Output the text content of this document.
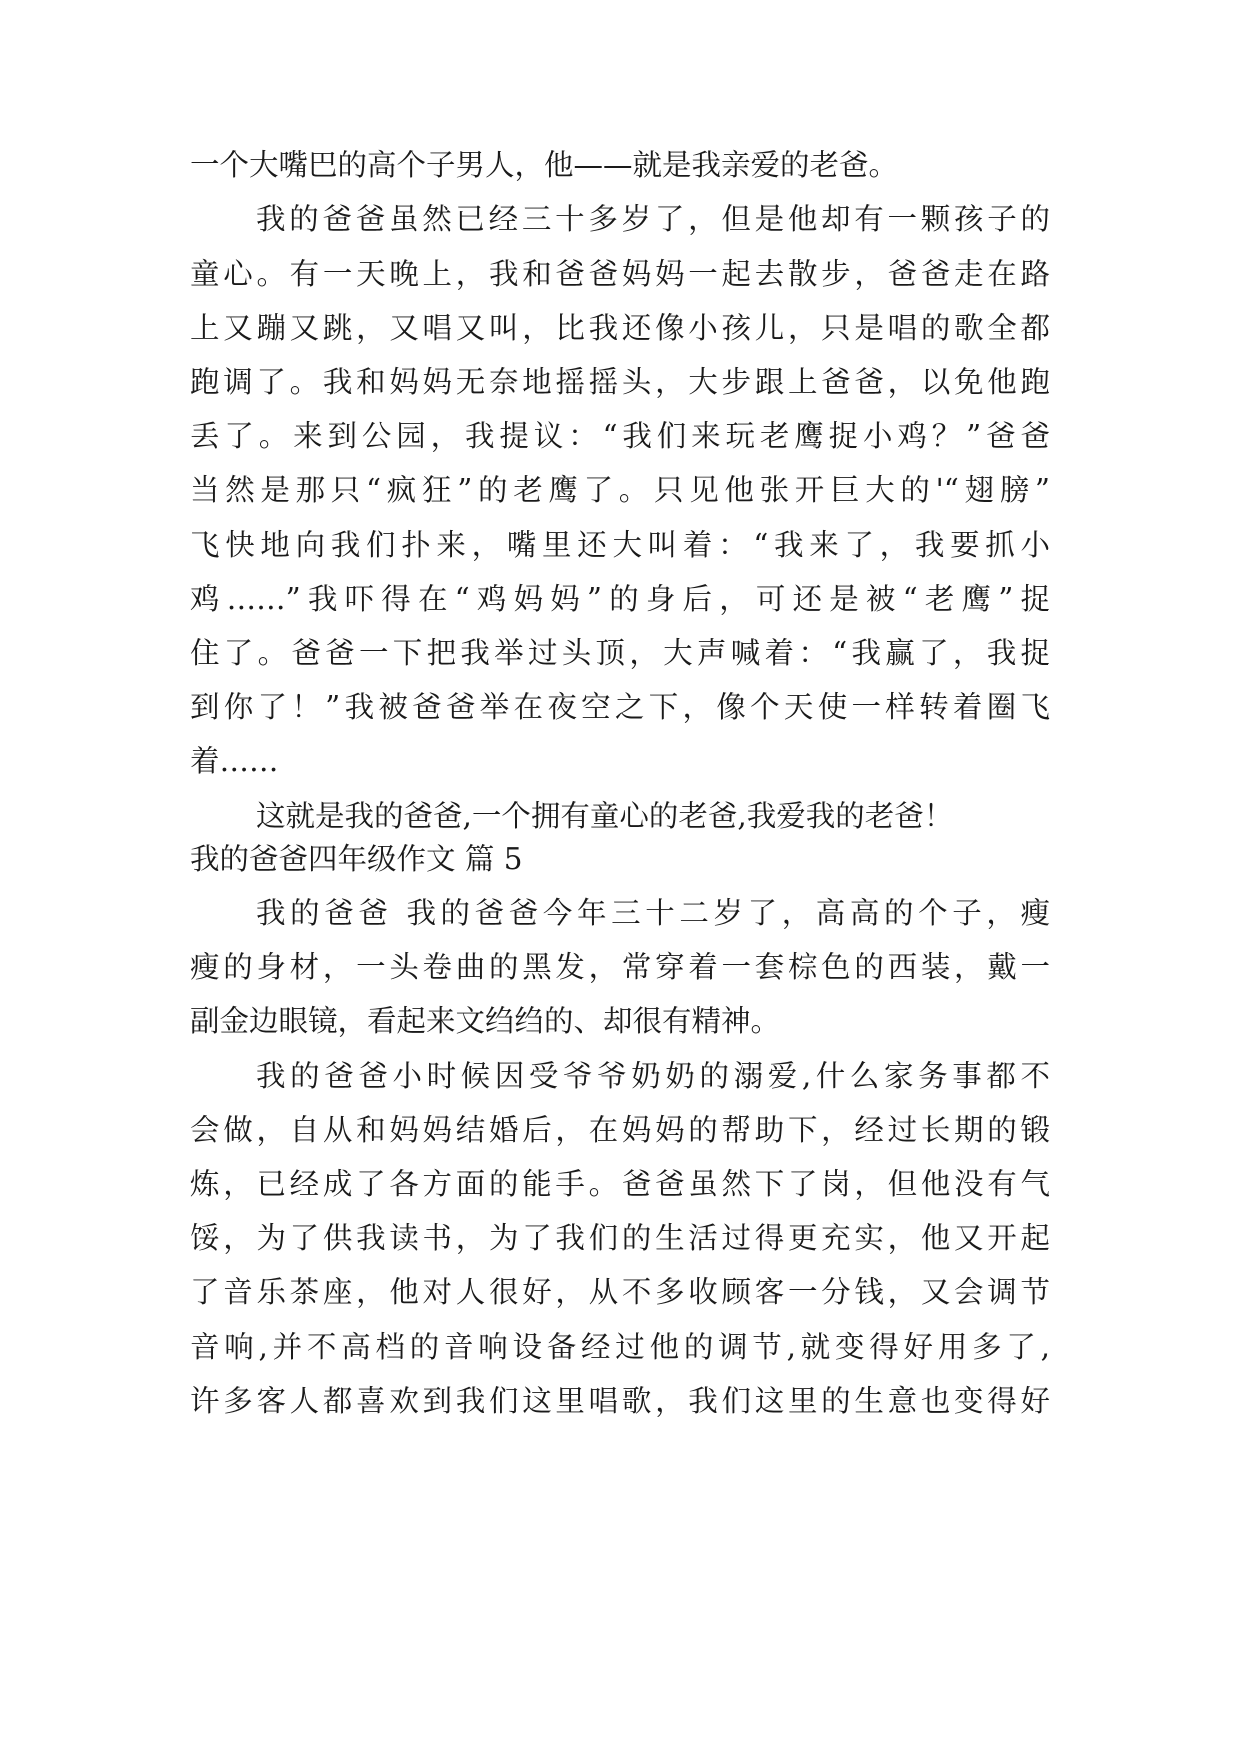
一个大嘴巴的高个子男人，他——就是我亲爱的老爸。
我的爸爸虽然已经三十多岁了，但是他却有一颗孩子的
童心。有一天晚上，我和爸爸妈妈一起去散步，爸爸走在路
上又蹦又跳，又唱又叫，比我还像小孩儿，只是唱的歌全都
跑调了。我和妈妈无奈地摇摇头，大步跟上爸爸，以免他跑
丢了。来到公园，我提议：“我们来玩老鹰捉小鸡？”爸爸
当然是那只“疯狂”的老鹰了。只见他张开巨大的'“翅膀”
飞快地向我们扑来，嘴里还大叫着：“我来了，我要抓小
鸡……”我吓得在“鸡妈妈”的身后，可还是被“老鹰”捉
住了。爸爸一下把我举过头顶，大声喊着：“我赢了，我捉
到你了！”我被爸爸举在夜空之下，像个天使一样转着圈飞
着……
这就是我的爸爸,一个拥有童心的老爸,我爱我的老爸！
我的爸爸四年级作文 篇 5
我的爸爸 我的爸爸今年三十二岁了，高高的个子，瘦
瘦的身材，一头卷曲的黑发，常穿着一套棕色的西装，戴一
副金边眼镜，看起来文绉绉的、却很有精神。
我的爸爸小时候因受爷爷奶奶的溺爱,什么家务事都不
会做，自从和妈妈结婚后，在妈妈的帮助下，经过长期的锻
炼，已经成了各方面的能手。爸爸虽然下了岗，但他没有气
馁，为了供我读书，为了我们的生活过得更充实，他又开起
了音乐茶座，他对人很好，从不多收顾客一分钱，又会调节
音响,并不高档的音响设备经过他的调节,就变得好用多了,
许多客人都喜欢到我们这里唱歌，我们这里的生意也变得好
